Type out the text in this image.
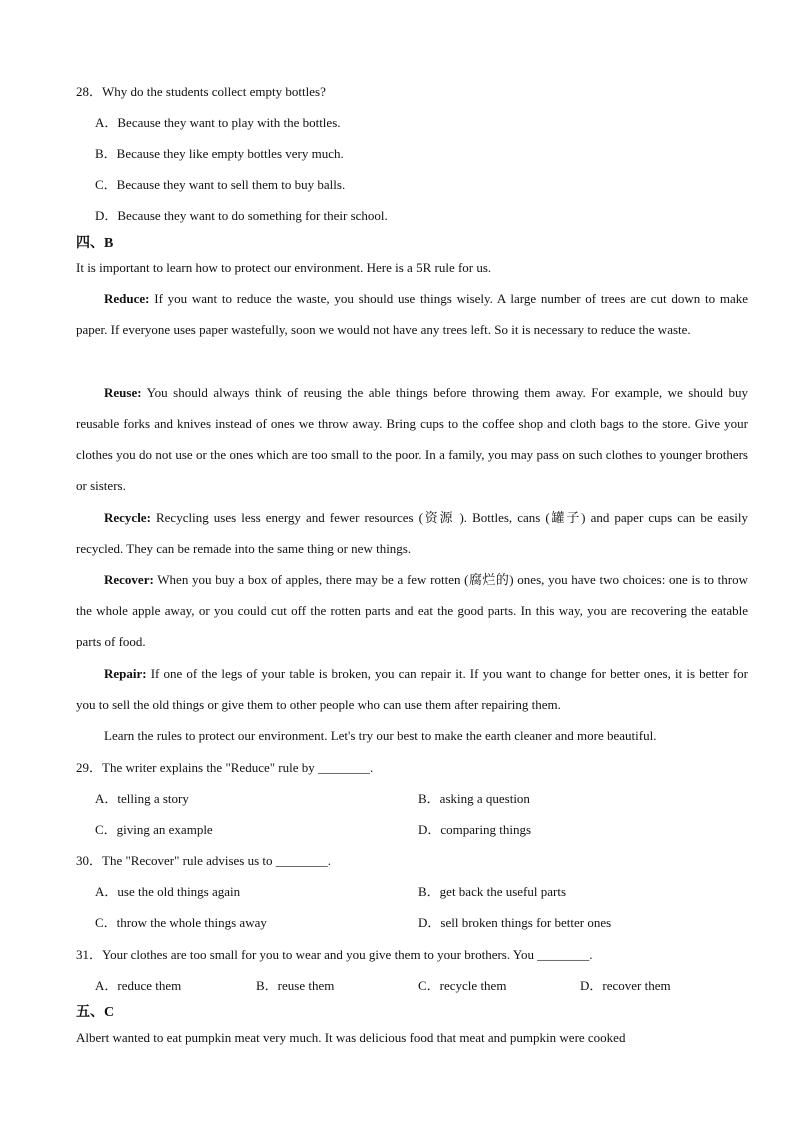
28．Why do the students collect empty bottles?
A．Because they want to play with the bottles.
B．Because they like empty bottles very much.
C．Because they want to sell them to buy balls.
D．Because they want to do something for their school.
四、B
It is important to learn how to protect our environment. Here is a 5R rule for us.
Reduce: If you want to reduce the waste, you should use things wisely. A large number of trees are cut down to make paper. If everyone uses paper wastefully, soon we would not have any trees left. So it is necessary to reduce the waste.
Reuse: You should always think of reusing the able things before throwing them away. For example, we should buy reusable forks and knives instead of ones we throw away. Bring cups to the coffee shop and cloth bags to the store. Give your clothes you do not use or the ones which are too small to the poor. In a family, you may pass on such clothes to younger brothers or sisters.
Recycle: Recycling uses less energy and fewer resources (资源 ). Bottles, cans (罐子) and paper cups can be easily recycled. They can be remade into the same thing or new things.
Recover: When you buy a box of apples, there may be a few rotten (腐烂的) ones, you have two choices: one is to throw the whole apple away, or you could cut off the rotten parts and eat the good parts. In this way, you are recovering the eatable parts of food.
Repair: If one of the legs of your table is broken, you can repair it. If you want to change for better ones, it is better for you to sell the old things or give them to other people who can use them after repairing them.
Learn the rules to protect our environment. Let's try our best to make the earth cleaner and more beautiful.
29．The writer explains the "Reduce" rule by ________.
A．telling a story	B．asking a question
C．giving an example	D．comparing things
30．The "Recover" rule advises us to ________.
A．use the old things again	B．get back the useful parts
C．throw the whole things away	D．sell broken things for better ones
31．Your clothes are too small for you to wear and you give them to your brothers. You ________.
A．reduce them	B．reuse them	C．recycle them	D．recover them
五、C
Albert wanted to eat pumpkin meat very much. It was delicious food that meat and pumpkin were cooked
